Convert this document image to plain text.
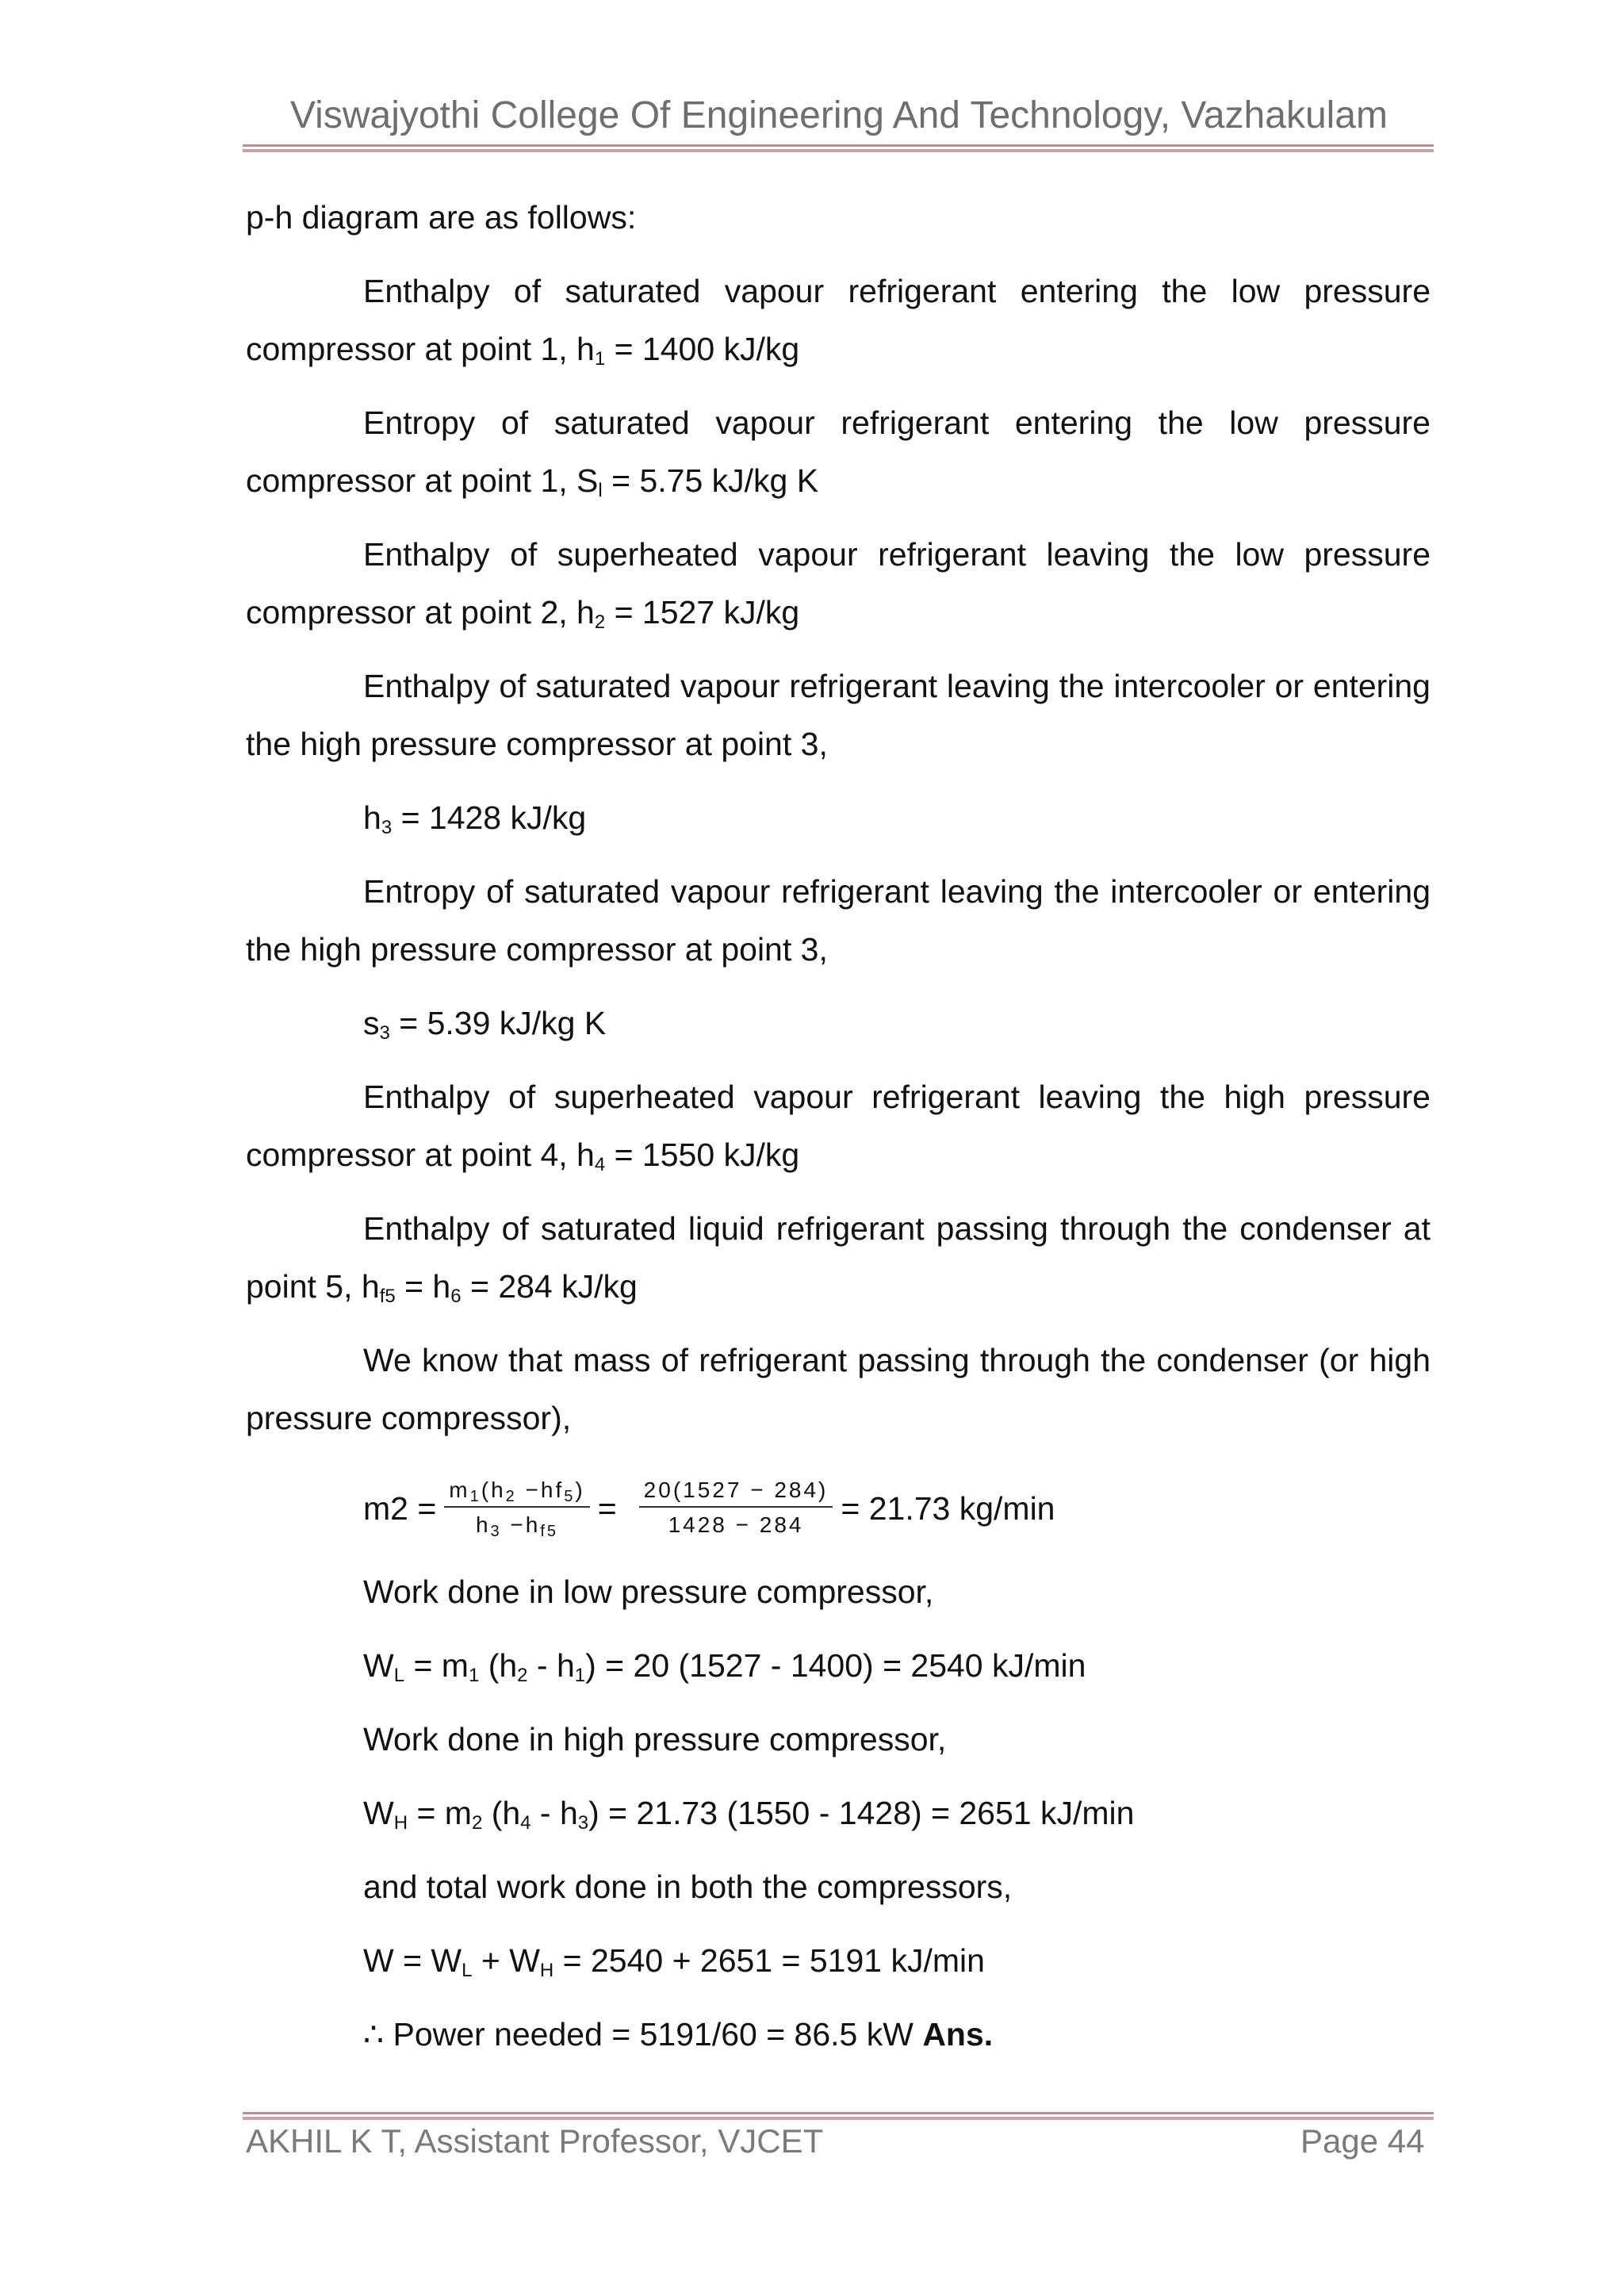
Viswajyothi College Of Engineering And Technology, Vazhakulam

p-h diagram are as follows:

Enthalpy of saturated vapour refrigerant entering the low pressure compressor at point 1, $h_1 = 1400$ kJ/kg

Entropy of saturated vapour refrigerant entering the low pressure compressor at point 1, $S_l = 5.75$ kJ/kg K

Enthalpy of superheated vapour refrigerant leaving the low pressure compressor at point 2, $h_2 = 1527$ kJ/kg

Enthalpy of saturated vapour refrigerant leaving the intercooler or entering the high pressure compressor at point 3,

$h_3 = 1428$ kJ/kg

Entropy of saturated vapour refrigerant leaving the intercooler or entering the high pressure compressor at point 3,

$s_3 = 5.39$ kJ/kg K

Enthalpy of superheated vapour refrigerant leaving the high pressure compressor at point 4, $h_4 = 1550$ kJ/kg

Enthalpy of saturated liquid refrigerant passing through the condenser at point 5, $h_{f5} = h_6 = 284$ kJ/kg

We know that mass of refrigerant passing through the condenser (or high pressure compressor),

$m2 = \frac{m_1(h_2 -hf_5)}{h_3 -h_{f5}} = \frac{20(1527 - 284)}{1428 - 284} = 21.73$ kg/min

Work done in low pressure compressor,

$W_L = m_1$ $(h_2 - h_1) = 20$ (1527 - 1400) = 2540 kJ/min

Work done in high pressure compressor,

$W_H = m_2$ $(h_4 - h_3) = 21.73$ (1550 - 1428) = 2651 kJ/min

and total work done in both the compressors,

$W = W_L + W_H = 2540 + 2651 = 5191$ kJ/min

∴ Power needed = 5191/60 = 86.5 kW Ans.

AKHIL K T, Assistant Professor, VJCET	Page 44
